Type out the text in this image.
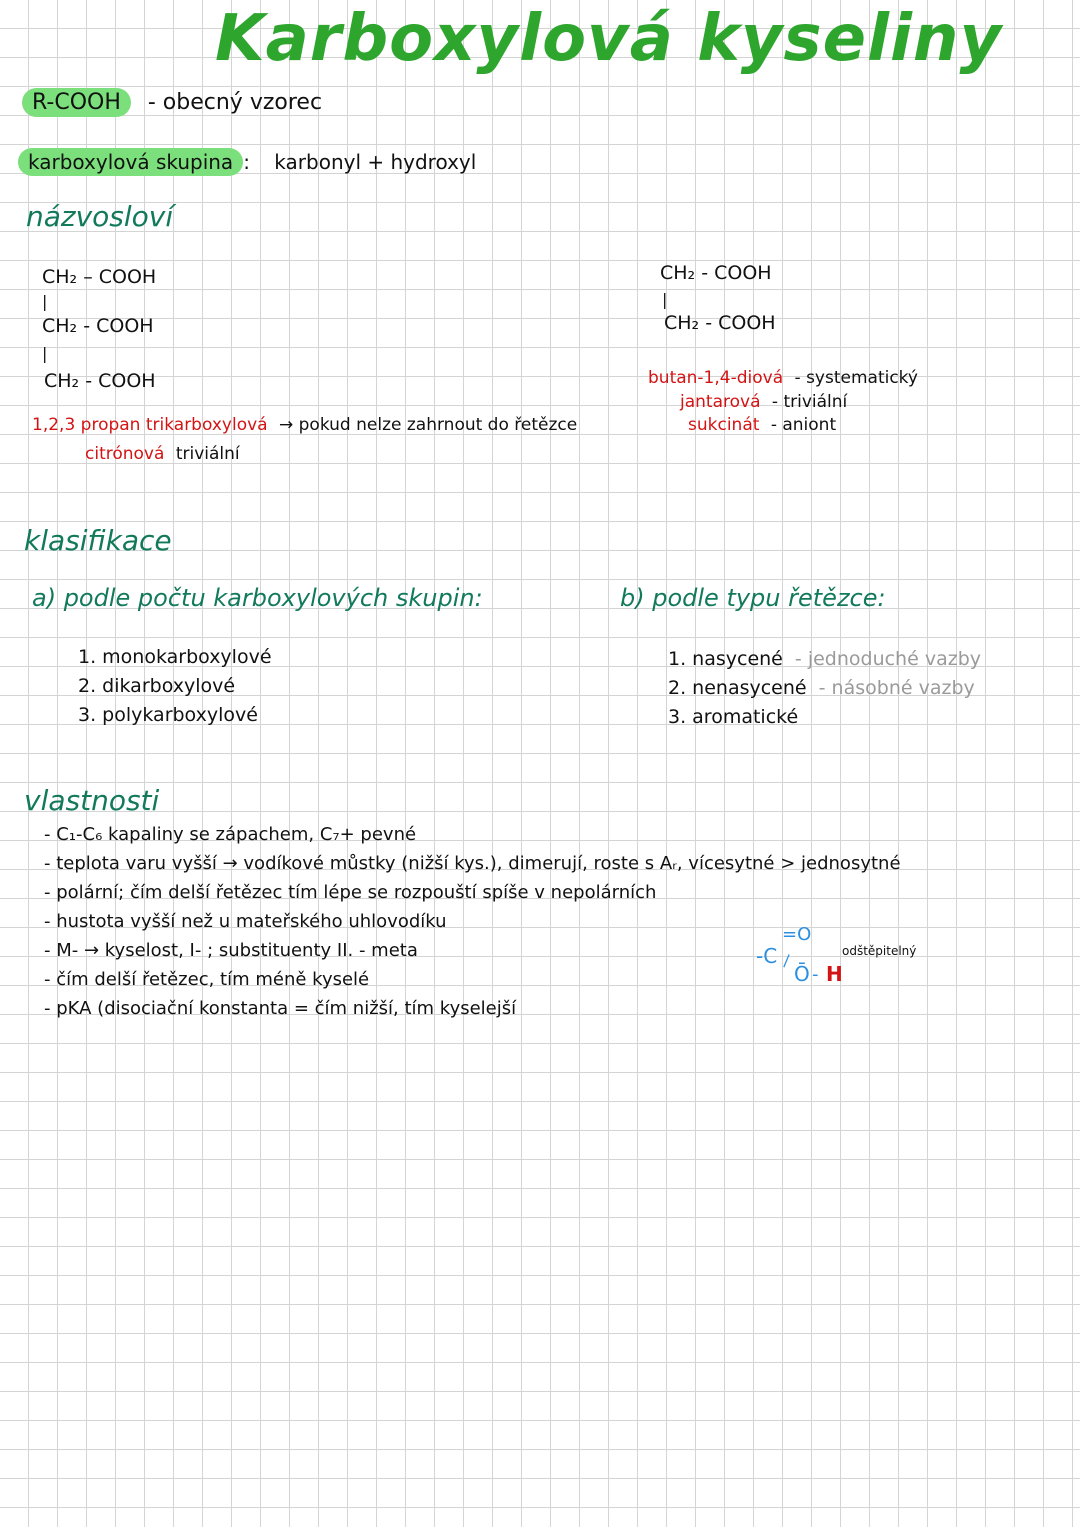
Karboxylová kyseliny
R-COOH - obecný vzorec
karboxylová skupina : karbonyl + hydroxyl
názvosloví
CH₂ – COOH
|
CH₂ - COOH
|
CH₂ - COOH
1,2,3 propan trikarboxylová → pokud nelze zahrnout do řetězce
citrónová triviální
CH₂ - COOH
|
CH₂ - COOH
butan-1,4-diová - systematický
jantarová - triviální
sukcinát - aniont
klasifikace
a) podle počtu karboxylových skupin:
1. monokarboxylové
2. dikarboxylové
3. polykarboxylové
b) podle typu řetězce:
1. nasycené - jednoduché vazby
2. nenasycené - násobné vazby
3. aromatické
vlastnosti
- C₁-C₆ kapaliny se zápachem, C₇+ pevné
- teplota varu vyšší → vodíkové můstky (nižší kys.), dimerují, roste s Aᵣ, vícesytné > jednosytné
- polární; čím delší řetězec tím lépe se rozpouští spíše v nepolárních
- hustota vyšší než u mateřského uhlovodíku
- M- → kyselost, I- ; substituenty II. - meta
- čím delší řetězec, tím méně kyselé
- pKA (disociační konstanta = čím nižší, tím kyselejší
-C
=O
\
Ō - H
odštěpitelný
